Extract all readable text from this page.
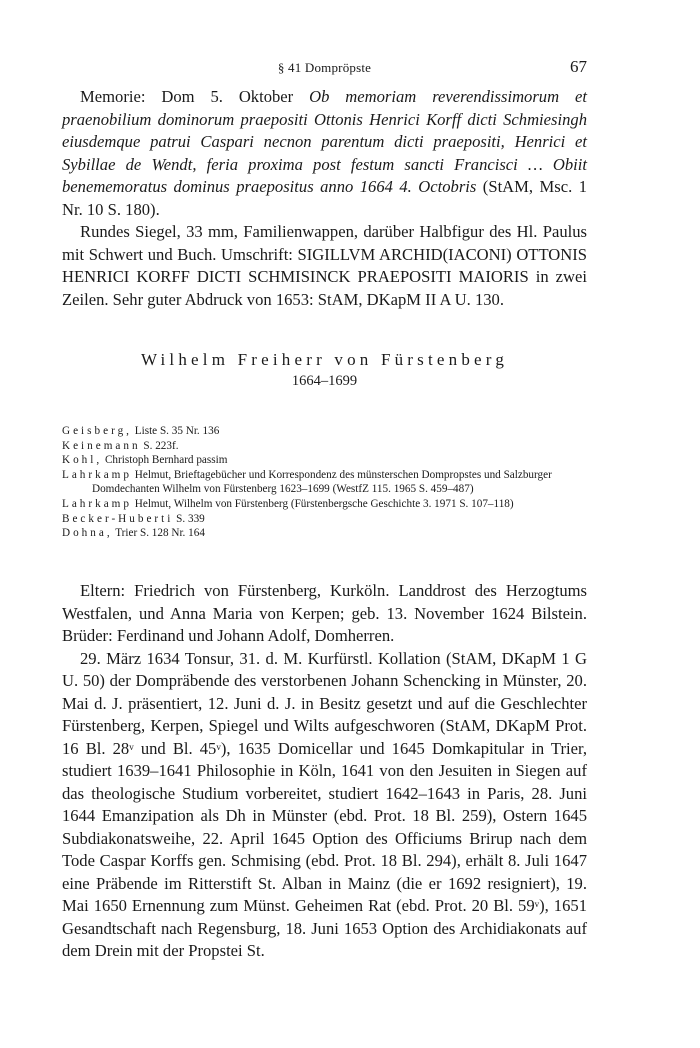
§ 41 Dompröpste	67

Memorie: Dom 5. Oktober Ob memoriam reverendissimorum et praenobilium dominorum praepositi Ottonis Henrici Korff dicti Schmiesingh eiusdemque patrui Caspari necnon parentum dicti praepositi, Henrici et Sybillae de Wendt, feria proxima post festum sancti Francisci … Obiit benememoratus dominus praepositus anno 1664 4. Octobris (StAM, Msc. 1 Nr. 10 S. 180).

Rundes Siegel, 33 mm, Familienwappen, darüber Halbfigur des Hl. Paulus mit Schwert und Buch. Umschrift: SIGILLVM ARCHID(IACONI) OTTONIS HENRICI KORFF DICTI SCHMISINCK PRAEPOSITI MAIORIS in zwei Zeilen. Sehr guter Abdruck von 1653: StAM, DKapM II A U. 130.

Wilhelm Freiherr von Fürstenberg
1664–1699
Geisberg, Liste S. 35 Nr. 136
Keinemann S. 223f.
Kohl, Christoph Bernhard passim
Lahrkamp Helmut, Brieftagebücher und Korrespondenz des münsterschen Dompropstes und Salzburger Domdechanten Wilhelm von Fürstenberg 1623–1699 (WestfZ 115. 1965 S. 459–487)
Lahrkamp Helmut, Wilhelm von Fürstenberg (Fürstenbergsche Geschichte 3. 1971 S. 107–118)
Becker-Huberti S. 339
Dohna, Trier S. 128 Nr. 164

Eltern: Friedrich von Fürstenberg, Kurköln. Landdrost des Herzogtums Westfalen, und Anna Maria von Kerpen; geb. 13. November 1624 Bilstein. Brüder: Ferdinand und Johann Adolf, Domherren.

29. März 1634 Tonsur, 31. d. M. Kurfürstl. Kollation (StAM, DKapM 1 G U. 50) der Dompräbende des verstorbenen Johann Schencking in Münster, 20. Mai d. J. präsentiert, 12. Juni d. J. in Besitz gesetzt und auf die Geschlechter Fürstenberg, Kerpen, Spiegel und Wilts aufgeschworen (StAM, DKapM Prot. 16 Bl. 28$^v$ und Bl. 45$^v$), 1635 Domicellar und 1645 Domkapitular in Trier, studiert 1639–1641 Philosophie in Köln, 1641 von den Jesuiten in Siegen auf das theologische Studium vorbereitet, studiert 1642–1643 in Paris, 28. Juni 1644 Emanzipation als Dh in Münster (ebd. Prot. 18 Bl. 259), Ostern 1645 Subdiakonatsweihe, 22. April 1645 Option des Officiums Brirup nach dem Tode Caspar Korffs gen. Schmising (ebd. Prot. 18 Bl. 294), erhält 8. Juli 1647 eine Präbende im Ritterstift St. Alban in Mainz (die er 1692 resigniert), 19. Mai 1650 Ernennung zum Münst. Geheimen Rat (ebd. Prot. 20 Bl. 59$^v$), 1651 Gesandtschaft nach Regensburg, 18. Juni 1653 Option des Archidiakonats auf dem Drein mit der Propstei St.
